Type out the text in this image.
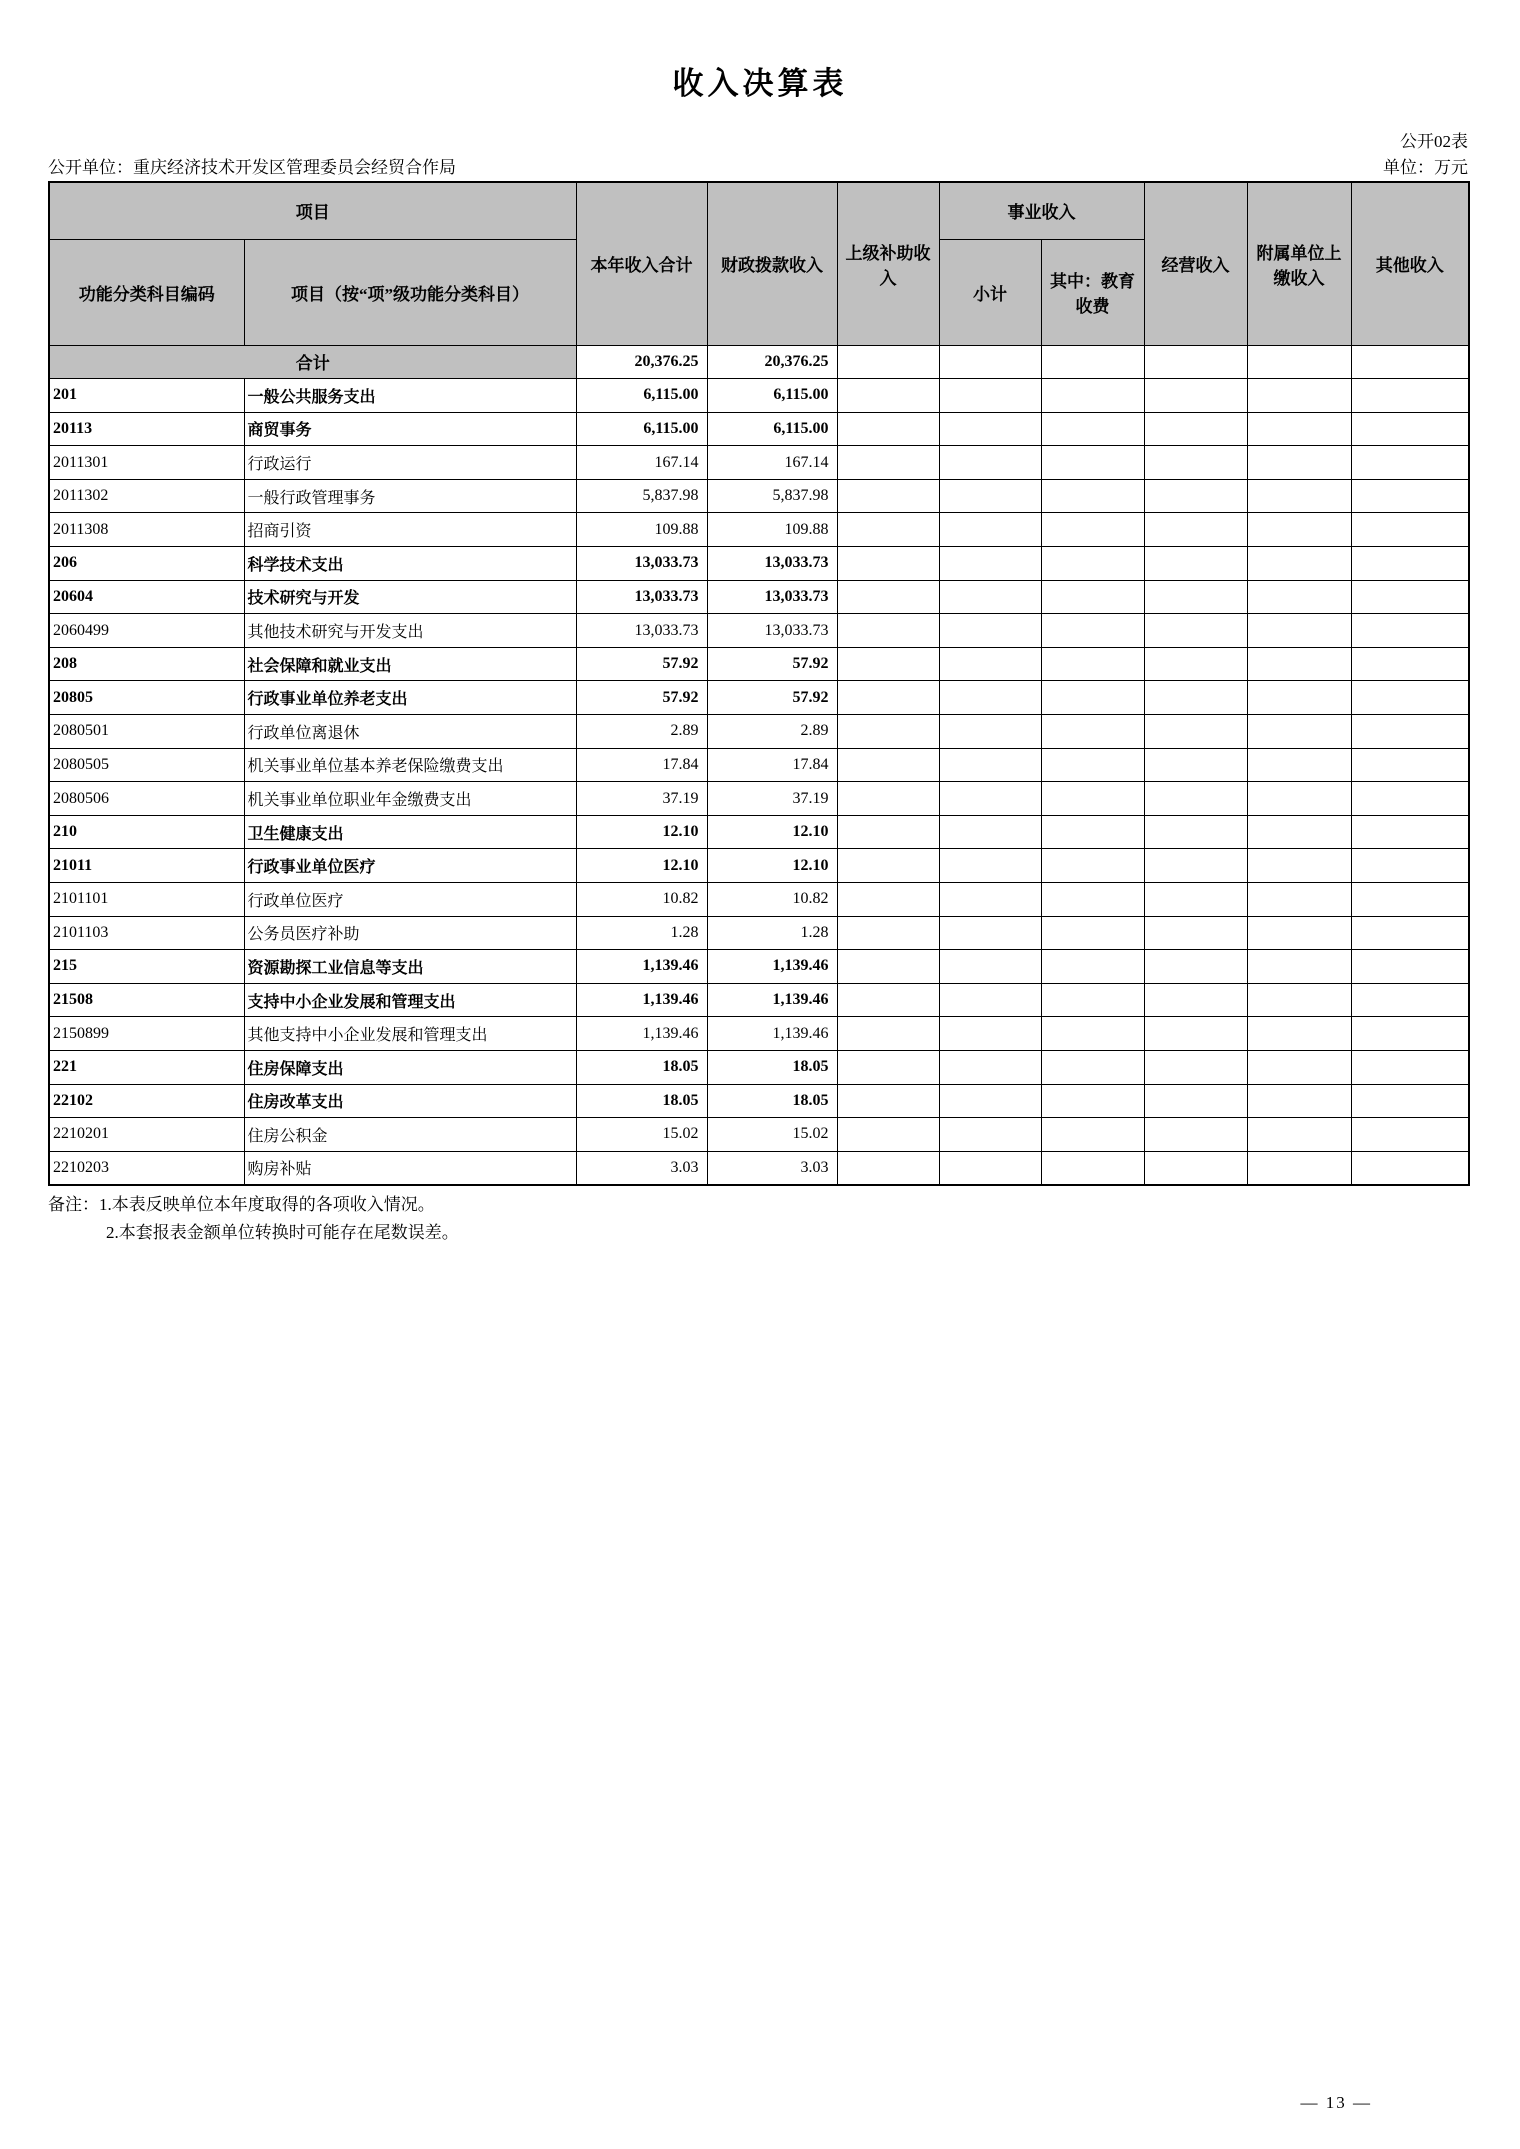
收入决算表
公开02表
公开单位：重庆经济技术开发区管理委员会经贸合作局	单位：万元
项目		本年收入合计	财政拨款收入	上级补助收入	事业收入		经营收入	附属单位上缴收入	其他收入
功能分类科目编码	项目（按“项”级功能分类科目）				小计	其中：教育收费			
合计		20,376.25	20,376.25						
201	一般公共服务支出	6,115.00	6,115.00						
20113	商贸事务	6,115.00	6,115.00						
2011301	行政运行	167.14	167.14						
2011302	一般行政管理事务	5,837.98	5,837.98						
2011308	招商引资	109.88	109.88						
206	科学技术支出	13,033.73	13,033.73						
20604	技术研究与开发	13,033.73	13,033.73						
2060499	其他技术研究与开发支出	13,033.73	13,033.73						
208	社会保障和就业支出	57.92	57.92						
20805	行政事业单位养老支出	57.92	57.92						
2080501	行政单位离退休	2.89	2.89						
2080505	机关事业单位基本养老保险缴费支出	17.84	17.84						
2080506	机关事业单位职业年金缴费支出	37.19	37.19						
210	卫生健康支出	12.10	12.10						
21011	行政事业单位医疗	12.10	12.10						
2101101	行政单位医疗	10.82	10.82						
2101103	公务员医疗补助	1.28	1.28						
215	资源勘探工业信息等支出	1,139.46	1,139.46						
21508	支持中小企业发展和管理支出	1,139.46	1,139.46						
2150899	其他支持中小企业发展和管理支出	1,139.46	1,139.46						
221	住房保障支出	18.05	18.05						
22102	住房改革支出	18.05	18.05						
2210201	住房公积金	15.02	15.02						
2210203	购房补贴	3.03	3.03						
备注：1.本表反映单位本年度取得的各项收入情况。
2.本套报表金额单位转换时可能存在尾数误差。
— 13 —
